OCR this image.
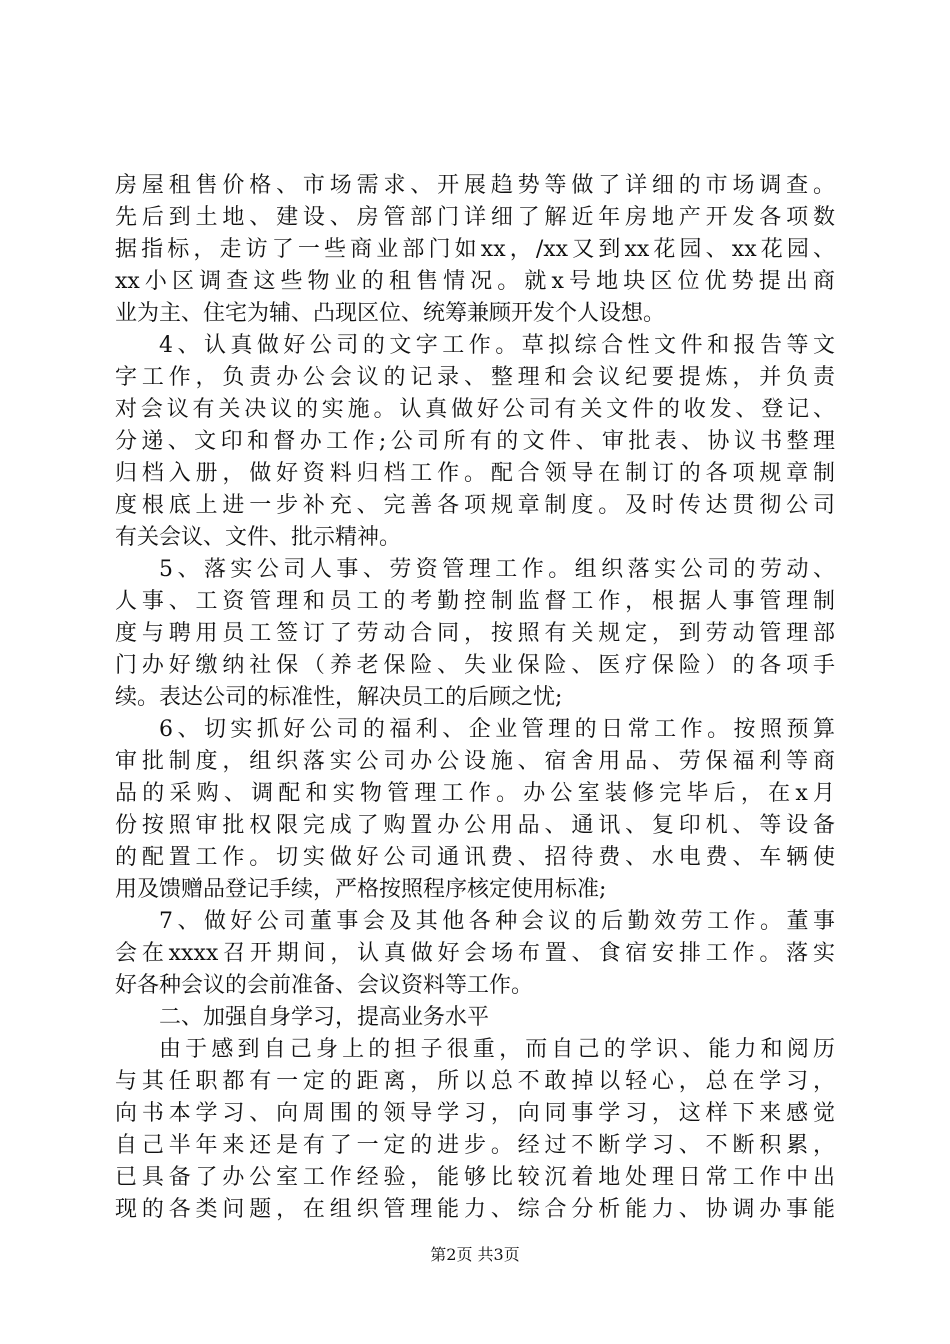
房屋租售价格、市场需求、开展趋势等做了详细的市场调查。
先后到土地、建设、房管部门详细了解近年房地产开发各项数
据指标，走访了一些商业部门如xx，/xx又到xx花园、xx花园、
xx小区调查这些物业的租售情况。就x号地块区位优势提出商
业为主、住宅为辅、凸现区位、统筹兼顾开发个人设想。
4、认真做好公司的文字工作。草拟综合性文件和报告等文
字工作，负责办公会议的记录、整理和会议纪要提炼，并负责
对会议有关决议的实施。认真做好公司有关文件的收发、登记、
分递、文印和督办工作;公司所有的文件、审批表、协议书整理
归档入册，做好资料归档工作。配合领导在制订的各项规章制
度根底上进一步补充、完善各项规章制度。及时传达贯彻公司
有关会议、文件、批示精神。
5、落实公司人事、劳资管理工作。组织落实公司的劳动、
人事、工资管理和员工的考勤控制监督工作，根据人事管理制
度与聘用员工签订了劳动合同，按照有关规定，到劳动管理部
门办好缴纳社保（养老保险、失业保险、医疗保险）的各项手
续。表达公司的标准性，解决员工的后顾之忧;
6、切实抓好公司的福利、企业管理的日常工作。按照预算
审批制度，组织落实公司办公设施、宿舍用品、劳保福利等商
品的采购、调配和实物管理工作。办公室装修完毕后，在x月
份按照审批权限完成了购置办公用品、通讯、复印机、等设备
的配置工作。切实做好公司通讯费、招待费、水电费、车辆使
用及馈赠品登记手续，严格按照程序核定使用标准;
7、做好公司董事会及其他各种会议的后勤效劳工作。董事
会在xxxx召开期间，认真做好会场布置、食宿安排工作。落实
好各种会议的会前准备、会议资料等工作。
二、加强自身学习，提高业务水平
由于感到自己身上的担子很重，而自己的学识、能力和阅历
与其任职都有一定的距离，所以总不敢掉以轻心，总在学习，
向书本学习、向周围的领导学习，向同事学习，这样下来感觉
自己半年来还是有了一定的进步。经过不断学习、不断积累，
已具备了办公室工作经验，能够比较沉着地处理日常工作中出
现的各类问题，在组织管理能力、综合分析能力、协调办事能
第2页 共3页
